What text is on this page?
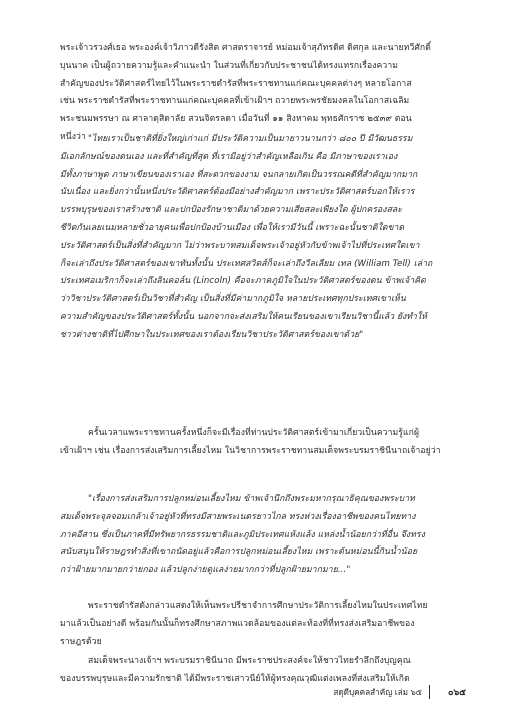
พระเจ้าวรวงศ์เธอ พระองค์เจ้าวิภาวดีรังสิต ศาสตราจารย์ หม่อมเจ้าสุภัทรดิศ ดิศกุล และนายทวีศักดิ์
บุนนาค เป็นผู้ถวายความรู้และคำแนะนำ ในส่วนที่เกี่ยวกับประชาชนได้ทรงแทรกเรื่องความ
สำคัญของประวัติศาสตร์ไทยไว้ในพระราชดำรัสที่พระราชทานแก่คณะบุคคลต่างๆ หลายโอกาส
เช่น พระราชดำรัสที่พระราชทานแก่คณะบุคคลที่เข้าเฝ้าฯ ถวายพระพรชัยมงคลในโอกาสเฉลิม
พระชนมพรรษา ณ ศาลาดุสิดาลัย สวนจิตรลดา เมื่อวันที่ ๑๑ สิงหาคม พุทธศักราช ๒๕๓๙ ตอน
หนึ่งว่า "ไทยเราเป็นชาติที่ยิ่งใหญ่เก่าแก่ มีประวัติความเป็นมายาวนานกว่า ๘๐๐ ปี มีวัฒนธรรม
มีเอกลักษณ์ของตนเอง และที่สำคัญที่สุด ที่เรามีอยู่ว่าสำคัญเหลือเกิน คือ มีภาษาของเราเอง
มีทั้งภาษาพูด ภาษาเขียนของเราเอง ที่สะดวกของงาม จนกลายเกิดเป็นวรรณคดีที่สำคัญมากมาก
นับเนื่อง และยิ่งกว่านั้นหนึ่งประวัติศาสตร์ต้องมีอย่างสำคัญมาก เพราะประวัติศาสตร์บอกให้เราร
บรรพบุรุษของเราสร้างชาติ และปกป้องรักษาชาติมาด้วยความเสียสละเพียงใด ผู้ปกครองสละ
ชีวิตกันเลยเนมหลายชั่วอายุคนเพื่อปกป้องบ้านเมือง เพื่อให้เรามีวันนี้ เพราะฉะนั้นชาติใดขาด
ประวัติศาสตร์เป็นสิ่งที่สำคัญมาก ไม่ว่าพระบาทสมเด็จพระเจ้าอยู่หัวกับข้าพเจ้าไปที่ประเทศใดเขา
ก็จะเล่าถึงประวัติศาสตร์ของเขาทันทั้งนั้น ประเทศสวิตส์ก็จะเล่าถึงวีลเลียม เทล (William Tell) เล่าถ
ประเทศอเมริกาก็จะเล่าถึงลินคอล์น (Lincoln) คือจะภาคภูมิใจในประวัติศาสตร์ของตน ข้าพเจ้าคิด
ว่าวิชาประวัติศาสตร์เป็นวิชาที่สำคัญ เป็นสิ่งที่มีค่ามากภูมิใจ หลายประเทศทุกประเทศเขาเห็น
ความสำคัญของประวัติศาสตร์ทั้งนั้น นอกจากจะส่งเสริมให้คนเรียนของเขาเรียนวิชานี้แล้ว ยังทำให้
ชาวต่างชาติที่ไปศึกษาในประเทศของเราต้องเรียนวิชาประวัติศาสตร์ของเขาด้วย"
ครั้นเวลาแพระราชทานครั้งหนึ่งก็จะมีเรื่องที่ท่านประวัติศาสตร์เข้ามาเกี่ยวเป็นความรู้แก่ผู้
เข้าเฝ้าฯ เช่น เรื่องการส่งเสริมการเลี้ยงไหม ในวิชาการพระราชทานสมเด็จพระบรมราชินีนาถเจ้าอยู่ว่า
"เรื่องการส่งเสริมการปลูกหม่อนเลี้ยงไหม ข้าพเจ้านึกถึงพระมหากรุณาธิคุณของพระบาท
สมเด็จพระจุลจอมเกล้าเจ้าอยู่หัวที่ทรงมีสายพระเนตรยาวไกล ทรงห่วงเรื่องอาชีพของคนไทยทาง
ภาคอีสาน ซึ่งเป็นภาคที่มีทรัพยากรธรรมชาติและภูมิประเทศแห้งแล้ง แหล่งน้ำน้อยกว่าที่อื่น จึงทรง
สนับสนุนให้ราษฎรทำสิ่งที่เขาถนัดอยู่แล้วคือการปลูกหม่อนเลี้ยงไหม เพราะต้นหม่อนนี้กินน้ำน้อย
กว่าฝ้ายมากมายกว่ายกอง แล้วปลูกง่ายดูแลง่ายมากกว่าที่ปลูกฝ้ายมากมาย..."
พระราชดำรัสดังกล่าวแสดงให้เห็นพระปรีชาจำการศึกษาประวัติการเลี้ยงไหมในประเทศไทย
มาแล้วเป็นอย่างดี พร้อมกันนั้นก็ทรงศึกษาสภาพแวดล้อมของแต่ละท้องที่ที่ทรงส่งเสริมอาชีพของ
ราษฎรด้วย
สมเด็จพระนางเจ้าฯ พระบรมราชินีนาถ มีพระราชประสงค์จะให้ชาวไทยรำลึกถึงบุญคุณ
ของบรรพบุรุษและมีความรักชาติ ได้มีพระราชเสาวนีย์ให้ผู้ทรงคุณวุฒิแต่งเพลงที่ส่งเสริมให้เกิด
สดุดีบุคคลสำคัญ เล่ม ๖๕	๐๖๕
